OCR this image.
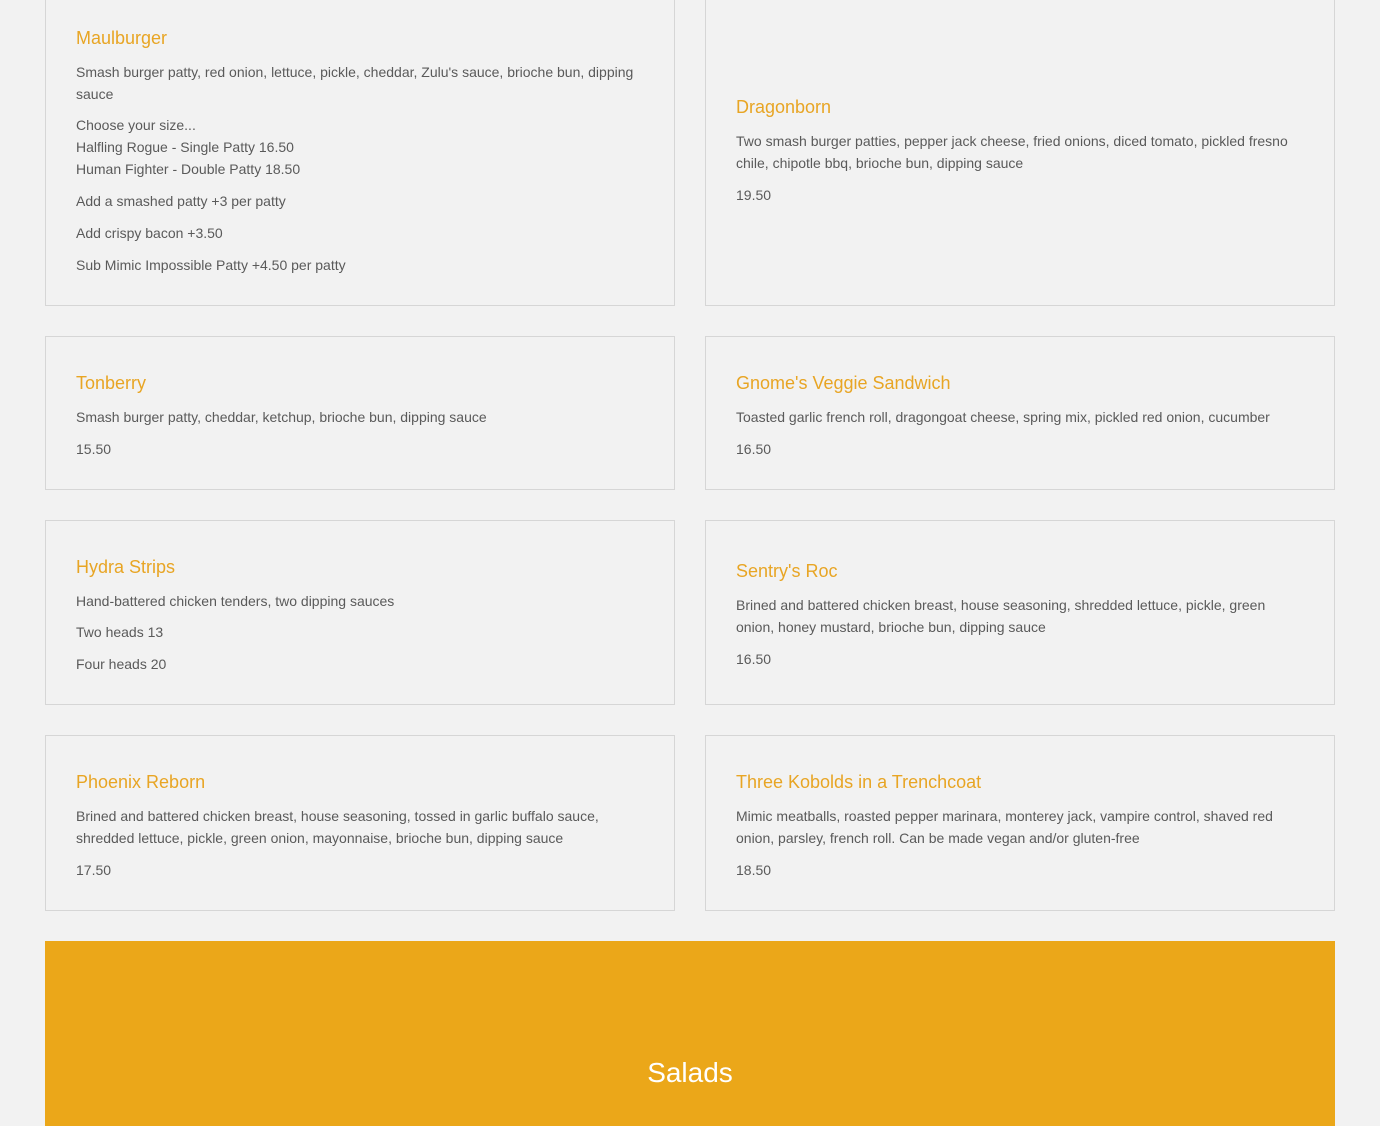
Maulburger
Smash burger patty, red onion, lettuce, pickle, cheddar, Zulu's sauce, brioche bun, dipping sauce
Choose your size...
Halfling Rogue - Single Patty 16.50
Human Fighter - Double Patty 18.50
Add a smashed patty +3 per patty
Add crispy bacon +3.50
Sub Mimic Impossible Patty +4.50 per patty
Dragonborn
Two smash burger patties, pepper jack cheese, fried onions, diced tomato, pickled fresno chile, chipotle bbq, brioche bun, dipping sauce
19.50
Tonberry
Smash burger patty, cheddar, ketchup, brioche bun, dipping sauce
15.50
Gnome's Veggie Sandwich
Toasted garlic french roll, dragongoat cheese, spring mix, pickled red onion, cucumber
16.50
Hydra Strips
Hand-battered chicken tenders, two dipping sauces
Two heads 13
Four heads 20
Sentry's Roc
Brined and battered chicken breast, house seasoning, shredded lettuce, pickle, green onion, honey mustard, brioche bun, dipping sauce
16.50
Phoenix Reborn
Brined and battered chicken breast, house seasoning, tossed in garlic buffalo sauce, shredded lettuce, pickle, green onion, mayonnaise, brioche bun, dipping sauce
17.50
Three Kobolds in a Trenchcoat
Mimic meatballs, roasted pepper marinara, monterey jack, vampire control, shaved red onion, parsley, french roll. Can be made vegan and/or gluten-free
18.50
Salads
